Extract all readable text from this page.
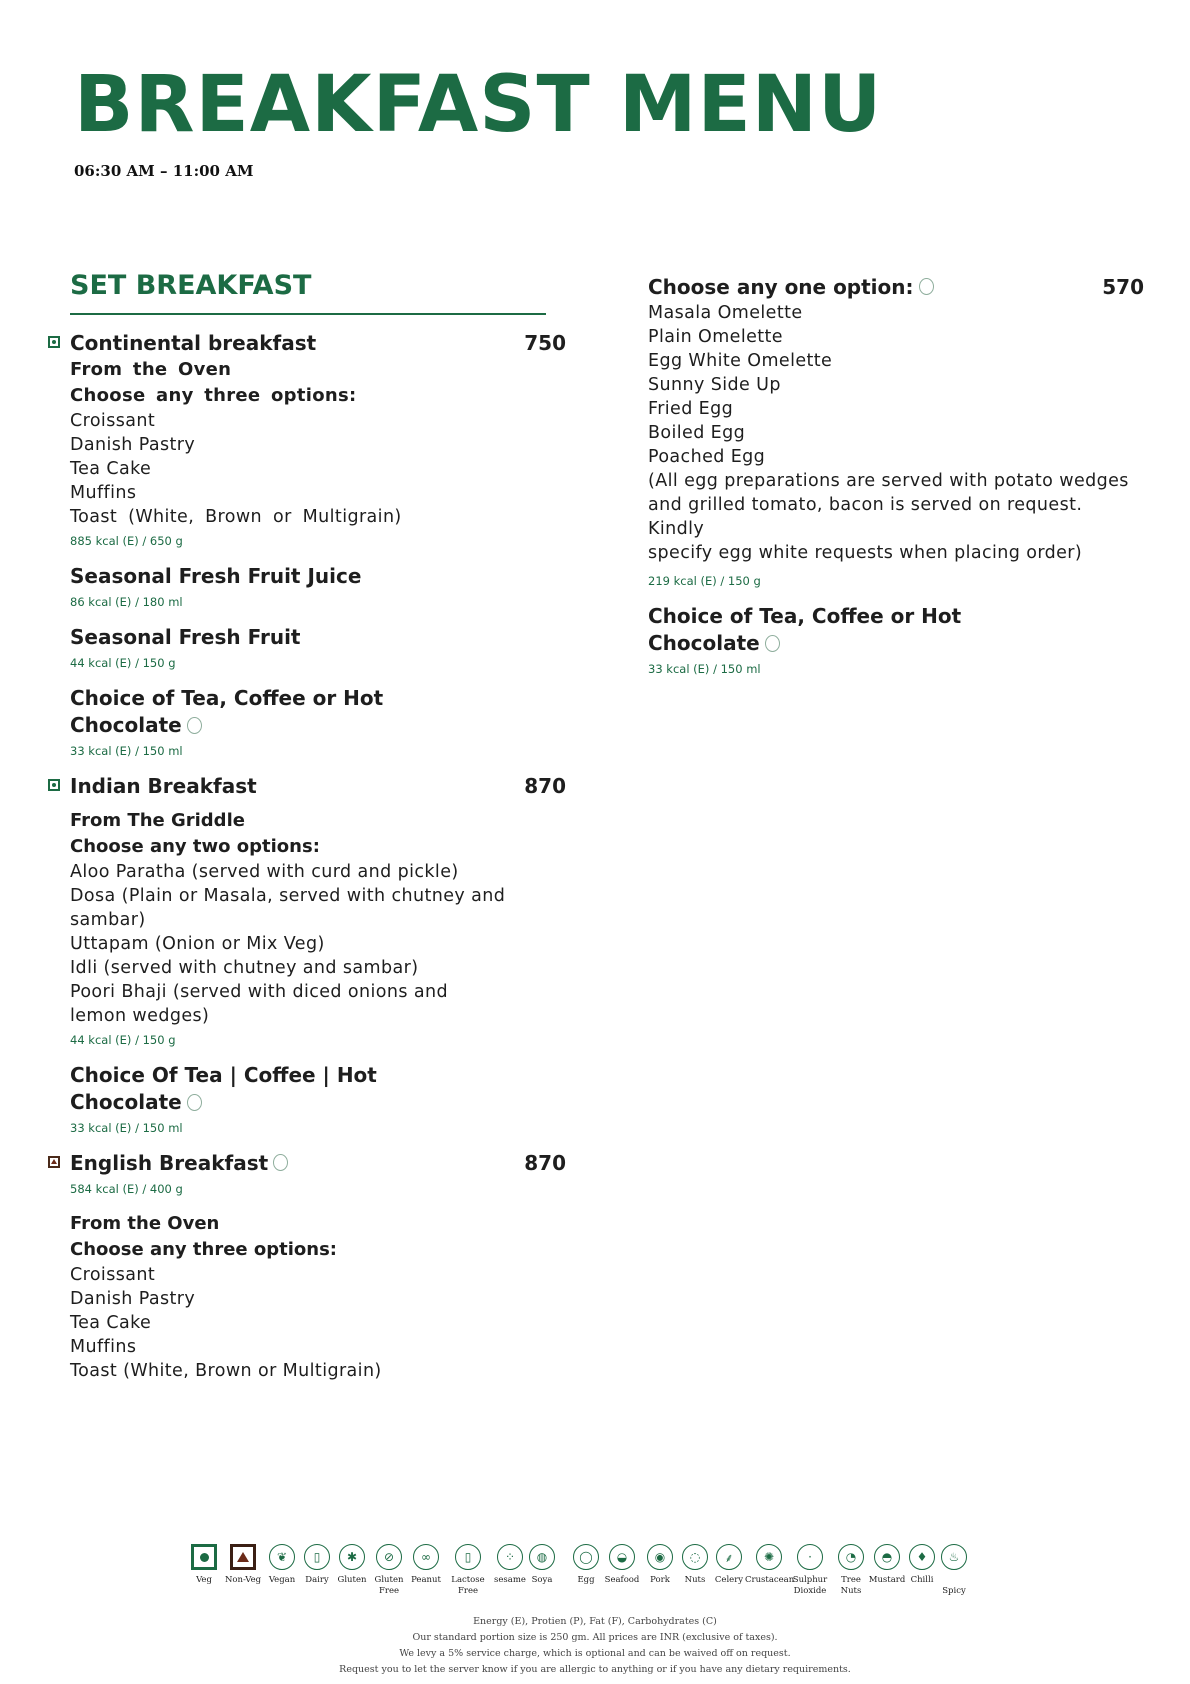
BREAKFAST MENU
06:30 AM – 11:00 AM
SET BREAKFAST
Continental breakfast	750
From the Oven
Choose any three options:
Croissant
Danish Pastry
Tea Cake
Muffins
Toast (White, Brown or Multigrain)
885 kcal (E) / 650 g
Seasonal Fresh Fruit Juice
86 kcal (E) / 180 ml
Seasonal Fresh Fruit
44 kcal (E) / 150 g
Choice of Tea, Coffee or Hot
Chocolate
33 kcal (E) / 150 ml
Indian Breakfast	870
From The Griddle
Choose any two options:
Aloo Paratha (served with curd and pickle)
Dosa (Plain or Masala, served with chutney and
sambar)
Uttapam (Onion or Mix Veg)
Idli (served with chutney and sambar)
Poori Bhaji (served with diced onions and
lemon wedges)
44 kcal (E) / 150 g
Choice Of Tea | Coffee | Hot
Chocolate
33 kcal (E) / 150 ml
English Breakfast	870
584 kcal (E) / 400 g
From the Oven
Choose any three options:
Croissant
Danish Pastry
Tea Cake
Muffins
Toast (White, Brown or Multigrain)
Choose any one option:	570
Masala Omelette
Plain Omelette
Egg White Omelette
Sunny Side Up
Fried Egg
Boiled Egg
Poached Egg
(All egg preparations are served with potato wedges
and grilled tomato, bacon is served on request. Kindly
specify egg white requests when placing order)
219 kcal (E) / 150 g
Choice of Tea, Coffee or Hot
Chocolate
33 kcal (E) / 150 ml
Veg	Non-Veg
❦
Vegan
▯
Dairy
✱
Gluten
⊘
Gluten
Free
∞
Peanut
▯
Lactose
Free
⁘
sesame
◍
Soya
◯
Egg
◒
Seafood
◉
Pork
◌
Nuts
⸙
Celery
✺
Crustacean
·
Sulphur
Dioxide
◔
Tree
Nuts
◓
Mustard
♦
Chilli
♨

Spicy
Energy (E), Protien (P), Fat (F), Carbohydrates (C)
Our standard portion size is 250 gm. All prices are INR (exclusive of taxes).
We levy a 5% service charge, which is optional and can be waived off on request.
Request you to let the server know if you are allergic to anything or if you have any dietary requirements.
